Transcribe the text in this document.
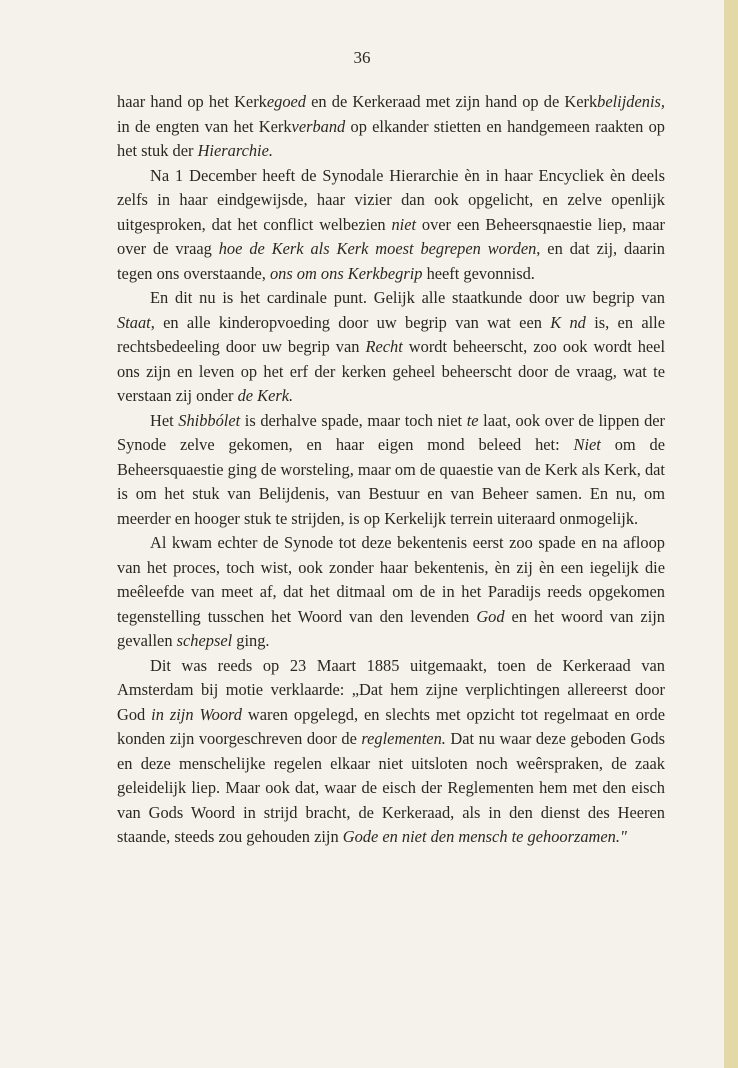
36

haar hand op het Kerkegoed en de Kerkeraad met zijn hand op de Kerkbelijdenis, in de engten van het Kerkverband op elkander stietten en handgemeen raakten op het stuk der Hierarchie.

Na 1 December heeft de Synodale Hierarchie èn in haar Encycliek èn deels zelfs in haar eindgewijsde, haar vizier dan ook opgelicht, en zelve openlijk uitgesproken, dat het conflict welbezien niet over een Beheersqnaestie liep, maar over de vraag hoe de Kerk als Kerk moest begrepen worden, en dat zij, daarin tegen ons overstaande, ons om ons Kerkbegrip heeft gevonnisd.

En dit nu is het cardinale punt. Gelijk alle staatkunde door uw begrip van Staat, en alle kinderopvoeding door uw begrip van wat een K nd is, en alle rechtsbedeeling door uw begrip van Recht wordt beheerscht, zoo ook wordt heel ons zijn en leven op het erf der kerken geheel beheerscht door de vraag, wat te verstaan zij onder de Kerk.

Het Shibbólet is derhalve spade, maar toch niet te laat, ook over de lippen der Synode zelve gekomen, en haar eigen mond beleed het: Niet om de Beheersquaestie ging de worsteling, maar om de quaestie van de Kerk als Kerk, dat is om het stuk van Belijdenis, van Bestuur en van Beheer samen. En nu, om meerder en hooger stuk te strijden, is op Kerkelijk terrein uiteraard onmogelijk.

Al kwam echter de Synode tot deze bekentenis eerst zoo spade en na afloop van het proces, toch wist, ook zonder haar bekentenis, èn zij èn een iegelijk die meêleefde van meet af, dat het ditmaal om de in het Paradijs reeds opgekomen tegenstelling tusschen het Woord van den levenden God en het woord van zijn gevallen schepsel ging.

Dit was reeds op 23 Maart 1885 uitgemaakt, toen de Kerkeraad van Amsterdam bij motie verklaarde: „Dat hem zijne verplichtingen allereerst door God in zijn Woord waren opgelegd, en slechts met opzicht tot regelmaat en orde konden zijn voorgeschreven door de reglementen. Dat nu waar deze geboden Gods en deze menschelijke regelen elkaar niet uitsloten noch weêrspraken, de zaak geleidelijk liep. Maar ook dat, waar de eisch der Reglementen hem met den eisch van Gods Woord in strijd bracht, de Kerkeraad, als in den dienst des Heeren staande, steeds zou gehouden zijn Gode en niet den mensch te gehoorzamen."
